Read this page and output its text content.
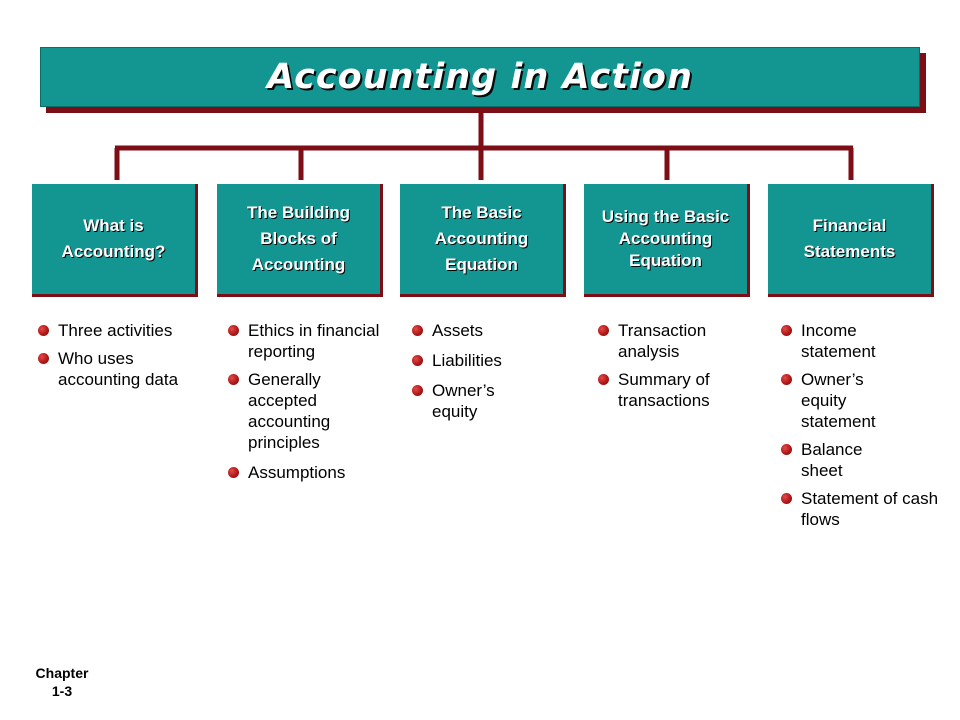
Accounting in Action
What is Accounting?
Three activities
Who uses accounting data
The Building Blocks of Accounting
Ethics in financial reporting
Generally accepted accounting principles
Assumptions
The Basic Accounting Equation
Assets
Liabilities
Owner’s equity
Using the Basic Accounting Equation
Transaction analysis
Summary of transactions
Financial Statements
Income statement
Owner’s equity statement
Balance sheet
Statement of cash flows
Chapter
1-3
